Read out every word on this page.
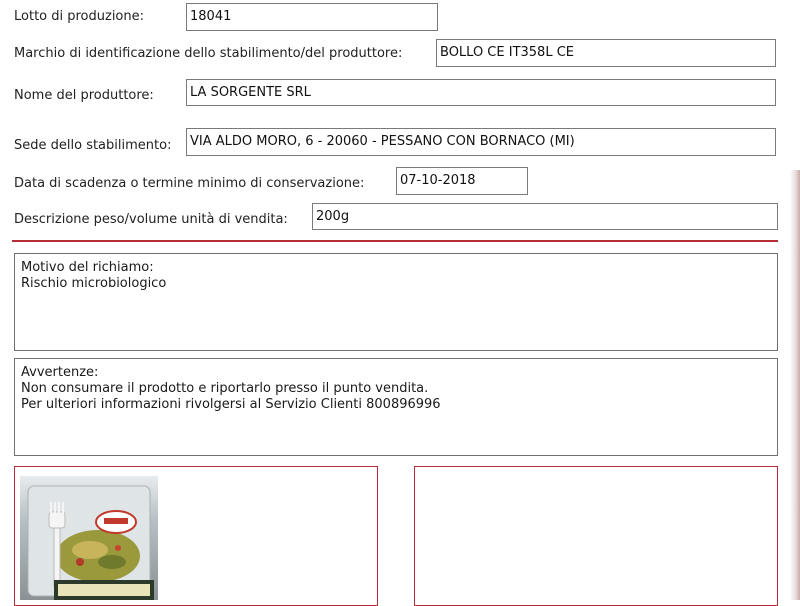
Lotto di produzione:	18041
Marchio di identificazione dello stabilimento/del produttore:	BOLLO CE IT358L CE
Nome del produttore:	LA SORGENTE SRL
Sede dello stabilimento:	VIA ALDO MORO, 6 - 20060 - PESSANO CON BORNACO (MI)
Data di scadenza o termine minimo di conservazione:	07-10-2018
Descrizione peso/volume unità di vendita:	200g
Motivo del richiamo:
Rischio microbiologico
Avvertenze:
Non consumare il prodotto e riportarlo presso il punto vendita.
Per ulteriori informazioni rivolgersi al Servizio Clienti 800896996
